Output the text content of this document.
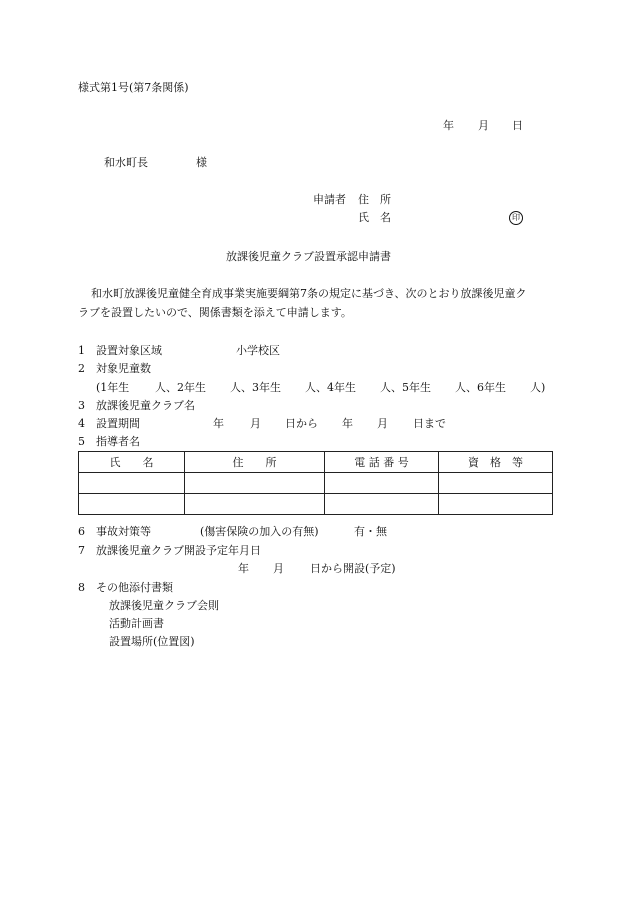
様式第1号(第7条関係)
年 月 日
和水町長	様
申請者 住　所
氏　名	印
放課後児童クラブ設置承認申請書
和水町放課後児童健全育成事業実施要綱第7条の規定に基づき、次のとおり放課後児童ク
ラブを設置したいので、関係書類を添えて申請します。
1 設置対象区域	小学校区
2 対象児童数
(1年生 人、2年生 人、3年生 人、4年生 人、5年生 人、6年生 人)
3 放課後児童クラブ名
4 設置期間	年 月 日から 年 月 日まで
5 指導者名
氏　　名	住　　所	電 話 番 号	資　格　等

6 事故対策等	(傷害保険の加入の有無)	有・無
7 放課後児童クラブ開設予定年月日
年 月 日から開設(予定)
8 その他添付書類
放課後児童クラブ会則
活動計画書
設置場所(位置図)
